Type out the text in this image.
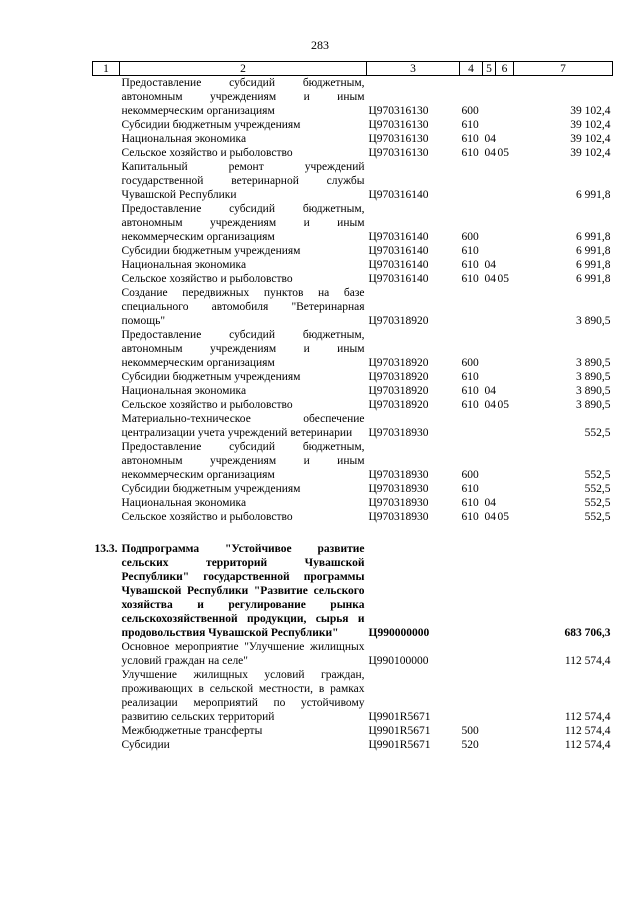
283
1	2	3	4	5	6	7
	Предоставление субсидий бюджетным, автономным учреждениям и иным некоммерческим организациям	Ц970316130	600			39 102,4
	Субсидии бюджетным учреждениям	Ц970316130	610			39 102,4
	Национальная экономика	Ц970316130	610	04		39 102,4
	Сельское хозяйство и рыболовство	Ц970316130	610	04	05	39 102,4
	Капитальный ремонт учреждений государственной ветеринарной службы Чувашской Республики	Ц970316140				6 991,8
	Предоставление субсидий бюджетным, автономным учреждениям и иным некоммерческим организациям	Ц970316140	600			6 991,8
	Субсидии бюджетным учреждениям	Ц970316140	610			6 991,8
	Национальная экономика	Ц970316140	610	04		6 991,8
	Сельское хозяйство и рыболовство	Ц970316140	610	04	05	6 991,8
	Создание передвижных пунктов на базе специального автомобиля "Ветеринарная помощь"	Ц970318920				3 890,5
	Предоставление субсидий бюджетным, автономным учреждениям и иным некоммерческим организациям	Ц970318920	600			3 890,5
	Субсидии бюджетным учреждениям	Ц970318920	610			3 890,5
	Национальная экономика	Ц970318920	610	04		3 890,5
	Сельское хозяйство и рыболовство	Ц970318920	610	04	05	3 890,5
	Материально-техническое обеспечение централизации учета учреждений ветеринарии	Ц970318930				552,5
	Предоставление субсидий бюджетным, автономным учреждениям и иным некоммерческим организациям	Ц970318930	600			552,5
	Субсидии бюджетным учреждениям	Ц970318930	610			552,5
	Национальная экономика	Ц970318930	610	04		552,5
	Сельское хозяйство и рыболовство	Ц970318930	610	04	05	552,5

13.3.	Подпрограмма "Устойчивое развитие сельских территорий Чувашской Республики" государственной программы Чувашской Республики "Развитие сельского хозяйства и регулирование рынка сельскохозяйственной продукции, сырья и продовольствия Чувашской Республики"	Ц990000000				683 706,3
	Основное мероприятие "Улучшение жилищных условий граждан на селе"	Ц990100000				112 574,4
	Улучшение жилищных условий граждан, проживающих в сельской местности, в рамках реализации мероприятий по устойчивому развитию сельских территорий	Ц9901R5671				112 574,4
	Межбюджетные трансферты	Ц9901R5671	500			112 574,4
	Субсидии	Ц9901R5671	520			112 574,4
